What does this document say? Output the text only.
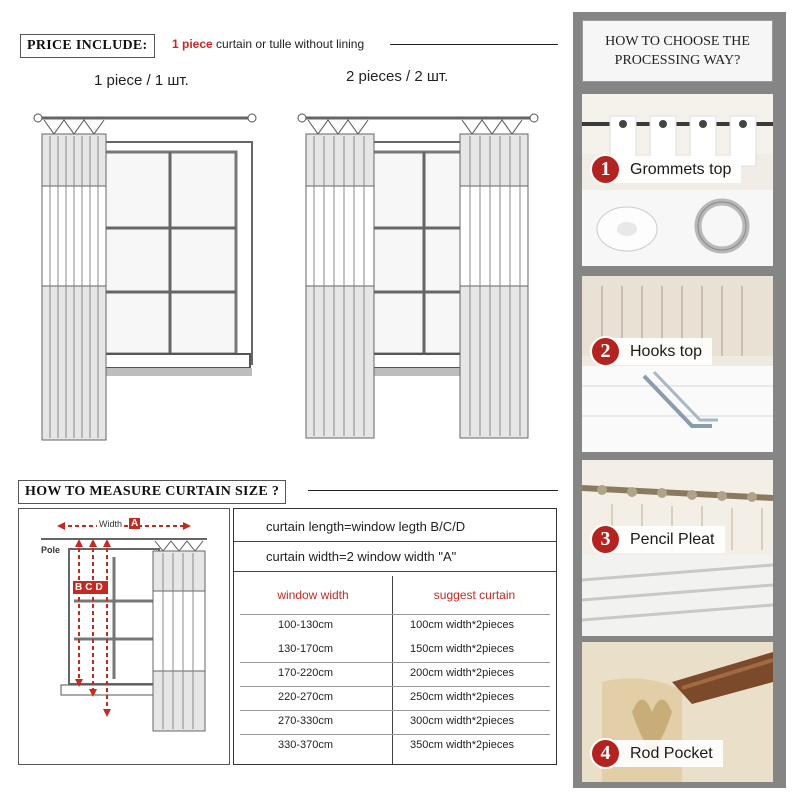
PRICE INCLUDE:	1 piece curtain or tulle without lining
1 piece / 1 шт.	2 pieces / 2 шт.
HOW TO MEASURE CURTAIN SIZE ?
Width A
Pole
BCD
curtain length=window legth B/C/D
curtain width=2 window width "A"
window width	suggest curtain
100-130cm	100cm width*2pieces
130-170cm	150cm width*2pieces
170-220cm	200cm width*2pieces
220-270cm	250cm width*2pieces
270-330cm	300cm width*2pieces
330-370cm	350cm width*2pieces
HOW TO CHOOSE THE PROCESSING WAY?
Grommets top
1
Hooks top
2
Pencil Pleat
3
Rod Pocket
4
